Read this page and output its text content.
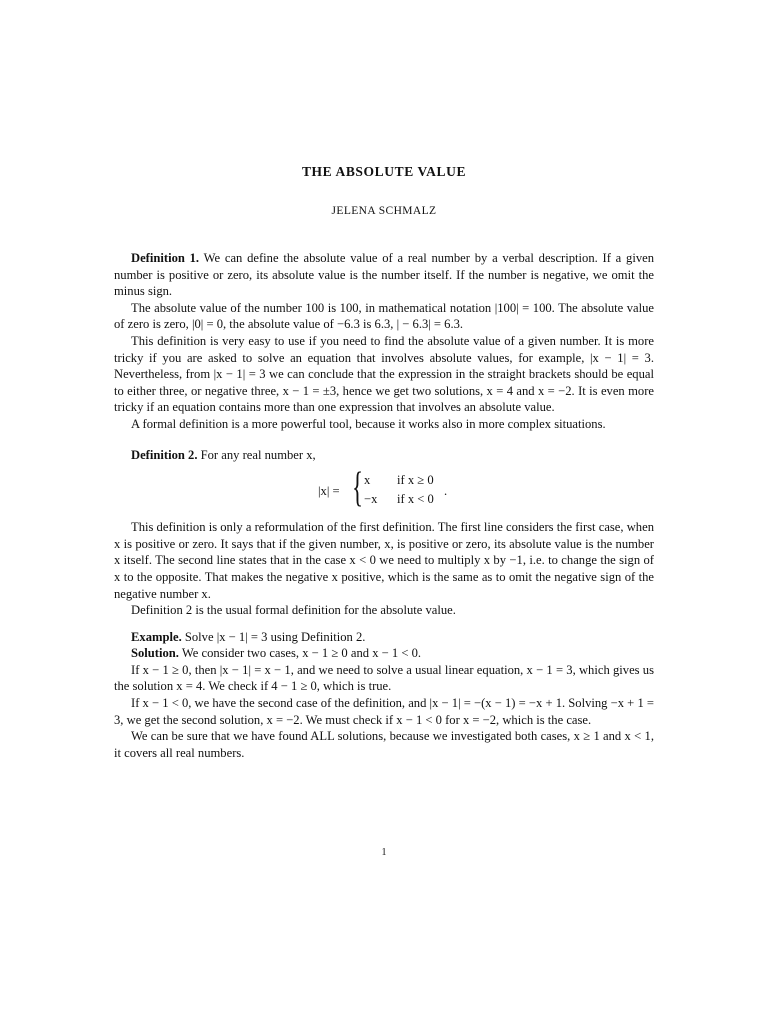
THE ABSOLUTE VALUE
JELENA SCHMALZ

Definition 1. We can define the absolute value of a real number by a verbal description. If a given number is positive or zero, its absolute value is the number itself. If the number is negative, we omit the minus sign.

The absolute value of the number 100 is 100, in mathematical notation |100| = 100. The absolute value of zero is zero, |0| = 0, the absolute value of −6.3 is 6.3, | − 6.3| = 6.3.

This definition is very easy to use if you need to find the absolute value of a given number. It is more tricky if you are asked to solve an equation that involves absolute values, for example, |x − 1| = 3. Nevertheless, from |x − 1| = 3 we can conclude that the expression in the straight brackets should be equal to either three, or negative three, x − 1 = ±3, hence we get two solutions, x = 4 and x = −2. It is even more tricky if an equation contains more than one expression that involves an absolute value.

A formal definition is a more powerful tool, because it works also in more complex situations.

Definition 2. For any real number x,

|x| = { x if x ≥ 0
−x if x < 0
.

This definition is only a reformulation of the first definition. The first line considers the first case, when x is positive or zero. It says that if the given number, x, is positive or zero, its absolute value is the number x itself. The second line states that in the case x < 0 we need to multiply x by −1, i.e. to change the sign of x to the opposite. That makes the negative x positive, which is the same as to omit the negative sign of the negative number x.

Definition 2 is the usual formal definition for the absolute value.

Example. Solve |x − 1| = 3 using Definition 2.

Solution. We consider two cases, x − 1 ≥ 0 and x − 1 < 0.

If x − 1 ≥ 0, then |x − 1| = x − 1, and we need to solve a usual linear equation, x − 1 = 3, which gives us the solution x = 4. We check if 4 − 1 ≥ 0, which is true.

If x − 1 < 0, we have the second case of the definition, and |x − 1| = −(x − 1) = −x + 1. Solving −x + 1 = 3, we get the second solution, x = −2. We must check if x − 1 < 0 for x = −2, which is the case.

We can be sure that we have found ALL solutions, because we investigated both cases, x ≥ 1 and x < 1, it covers all real numbers.

1
